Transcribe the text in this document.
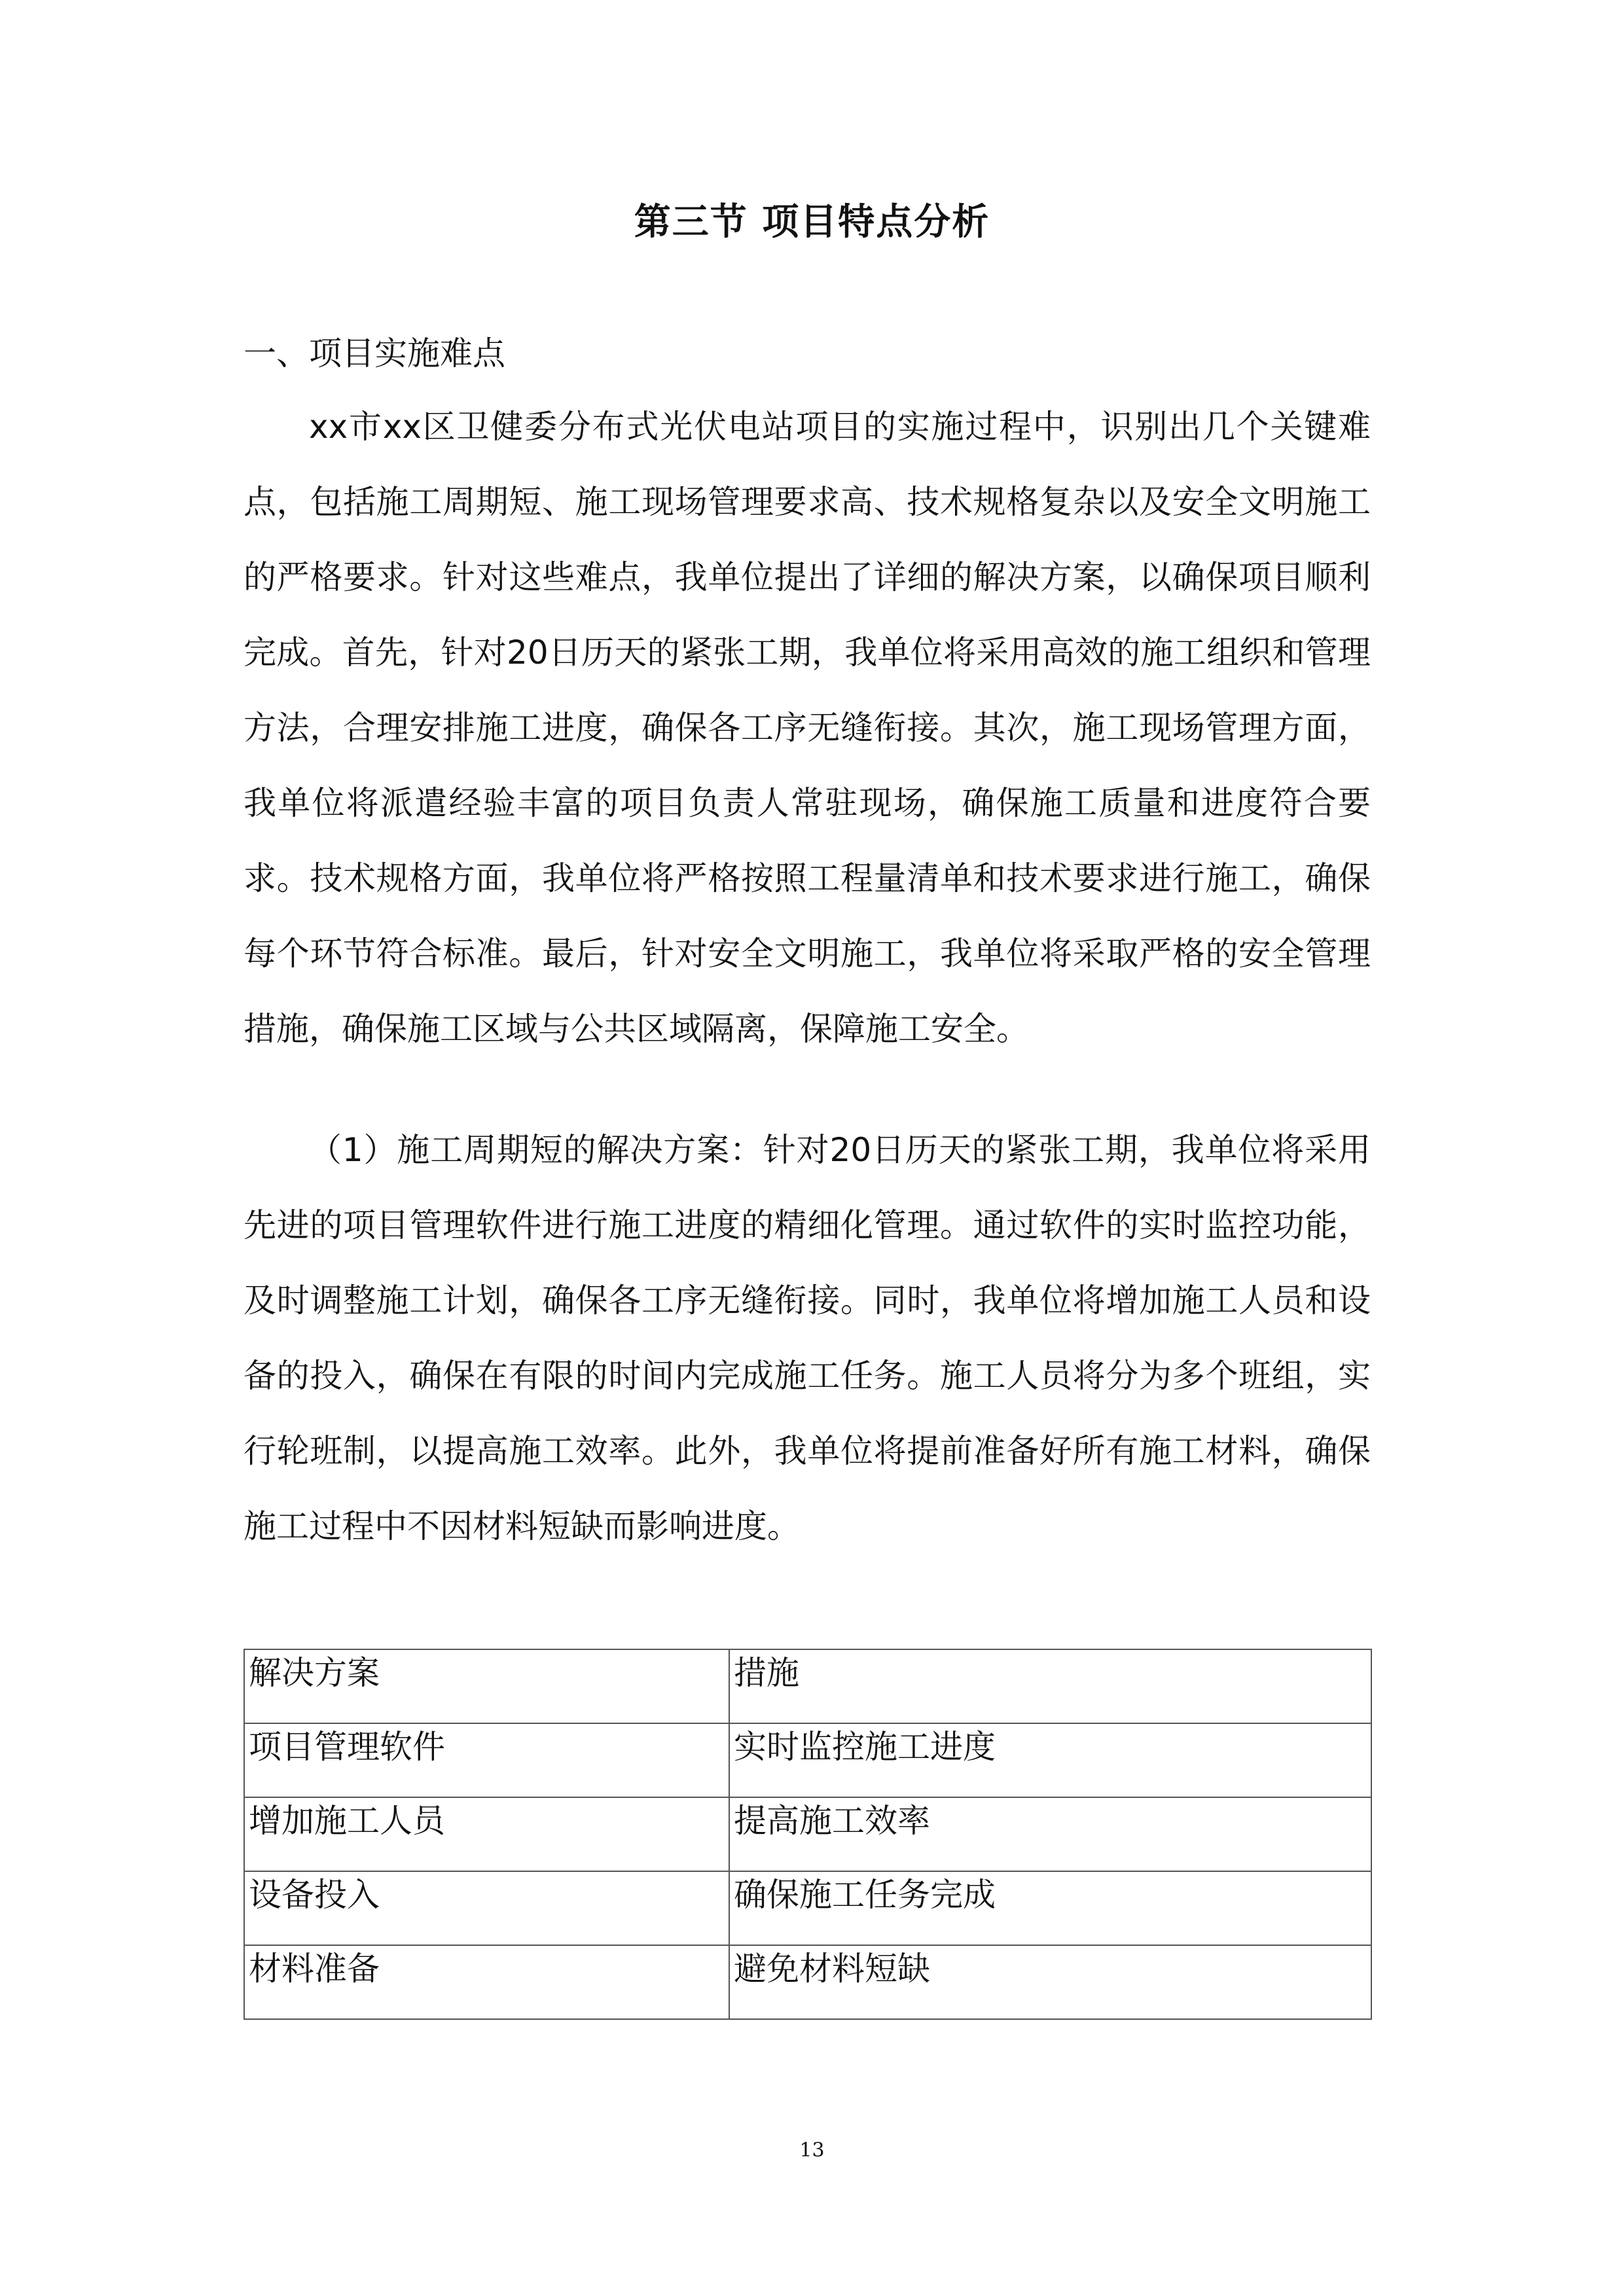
第三节 项目特点分析
一、项目实施难点

xx市xx区卫健委分布式光伏电站项目的实施过程中，识别出几个关键难点，包括施工周期短、施工现场管理要求高、技术规格复杂以及安全文明施工的严格要求。针对这些难点，我单位提出了详细的解决方案，以确保项目顺利完成。首先，针对20日历天的紧张工期，我单位将采用高效的施工组织和管理方法，合理安排施工进度，确保各工序无缝衔接。其次，施工现场管理方面，我单位将派遣经验丰富的项目负责人常驻现场，确保施工质量和进度符合要求。技术规格方面，我单位将严格按照工程量清单和技术要求进行施工，确保每个环节符合标准。最后，针对安全文明施工，我单位将采取严格的安全管理措施，确保施工区域与公共区域隔离，保障施工安全。

（1）施工周期短的解决方案：针对20日历天的紧张工期，我单位将采用先进的项目管理软件进行施工进度的精细化管理。通过软件的实时监控功能，及时调整施工计划，确保各工序无缝衔接。同时，我单位将增加施工人员和设备的投入，确保在有限的时间内完成施工任务。施工人员将分为多个班组，实行轮班制，以提高施工效率。此外，我单位将提前准备好所有施工材料，确保施工过程中不因材料短缺而影响进度。

解决方案	措施
项目管理软件	实时监控施工进度
增加施工人员	提高施工效率
设备投入	确保施工任务完成
材料准备	避免材料短缺
13
